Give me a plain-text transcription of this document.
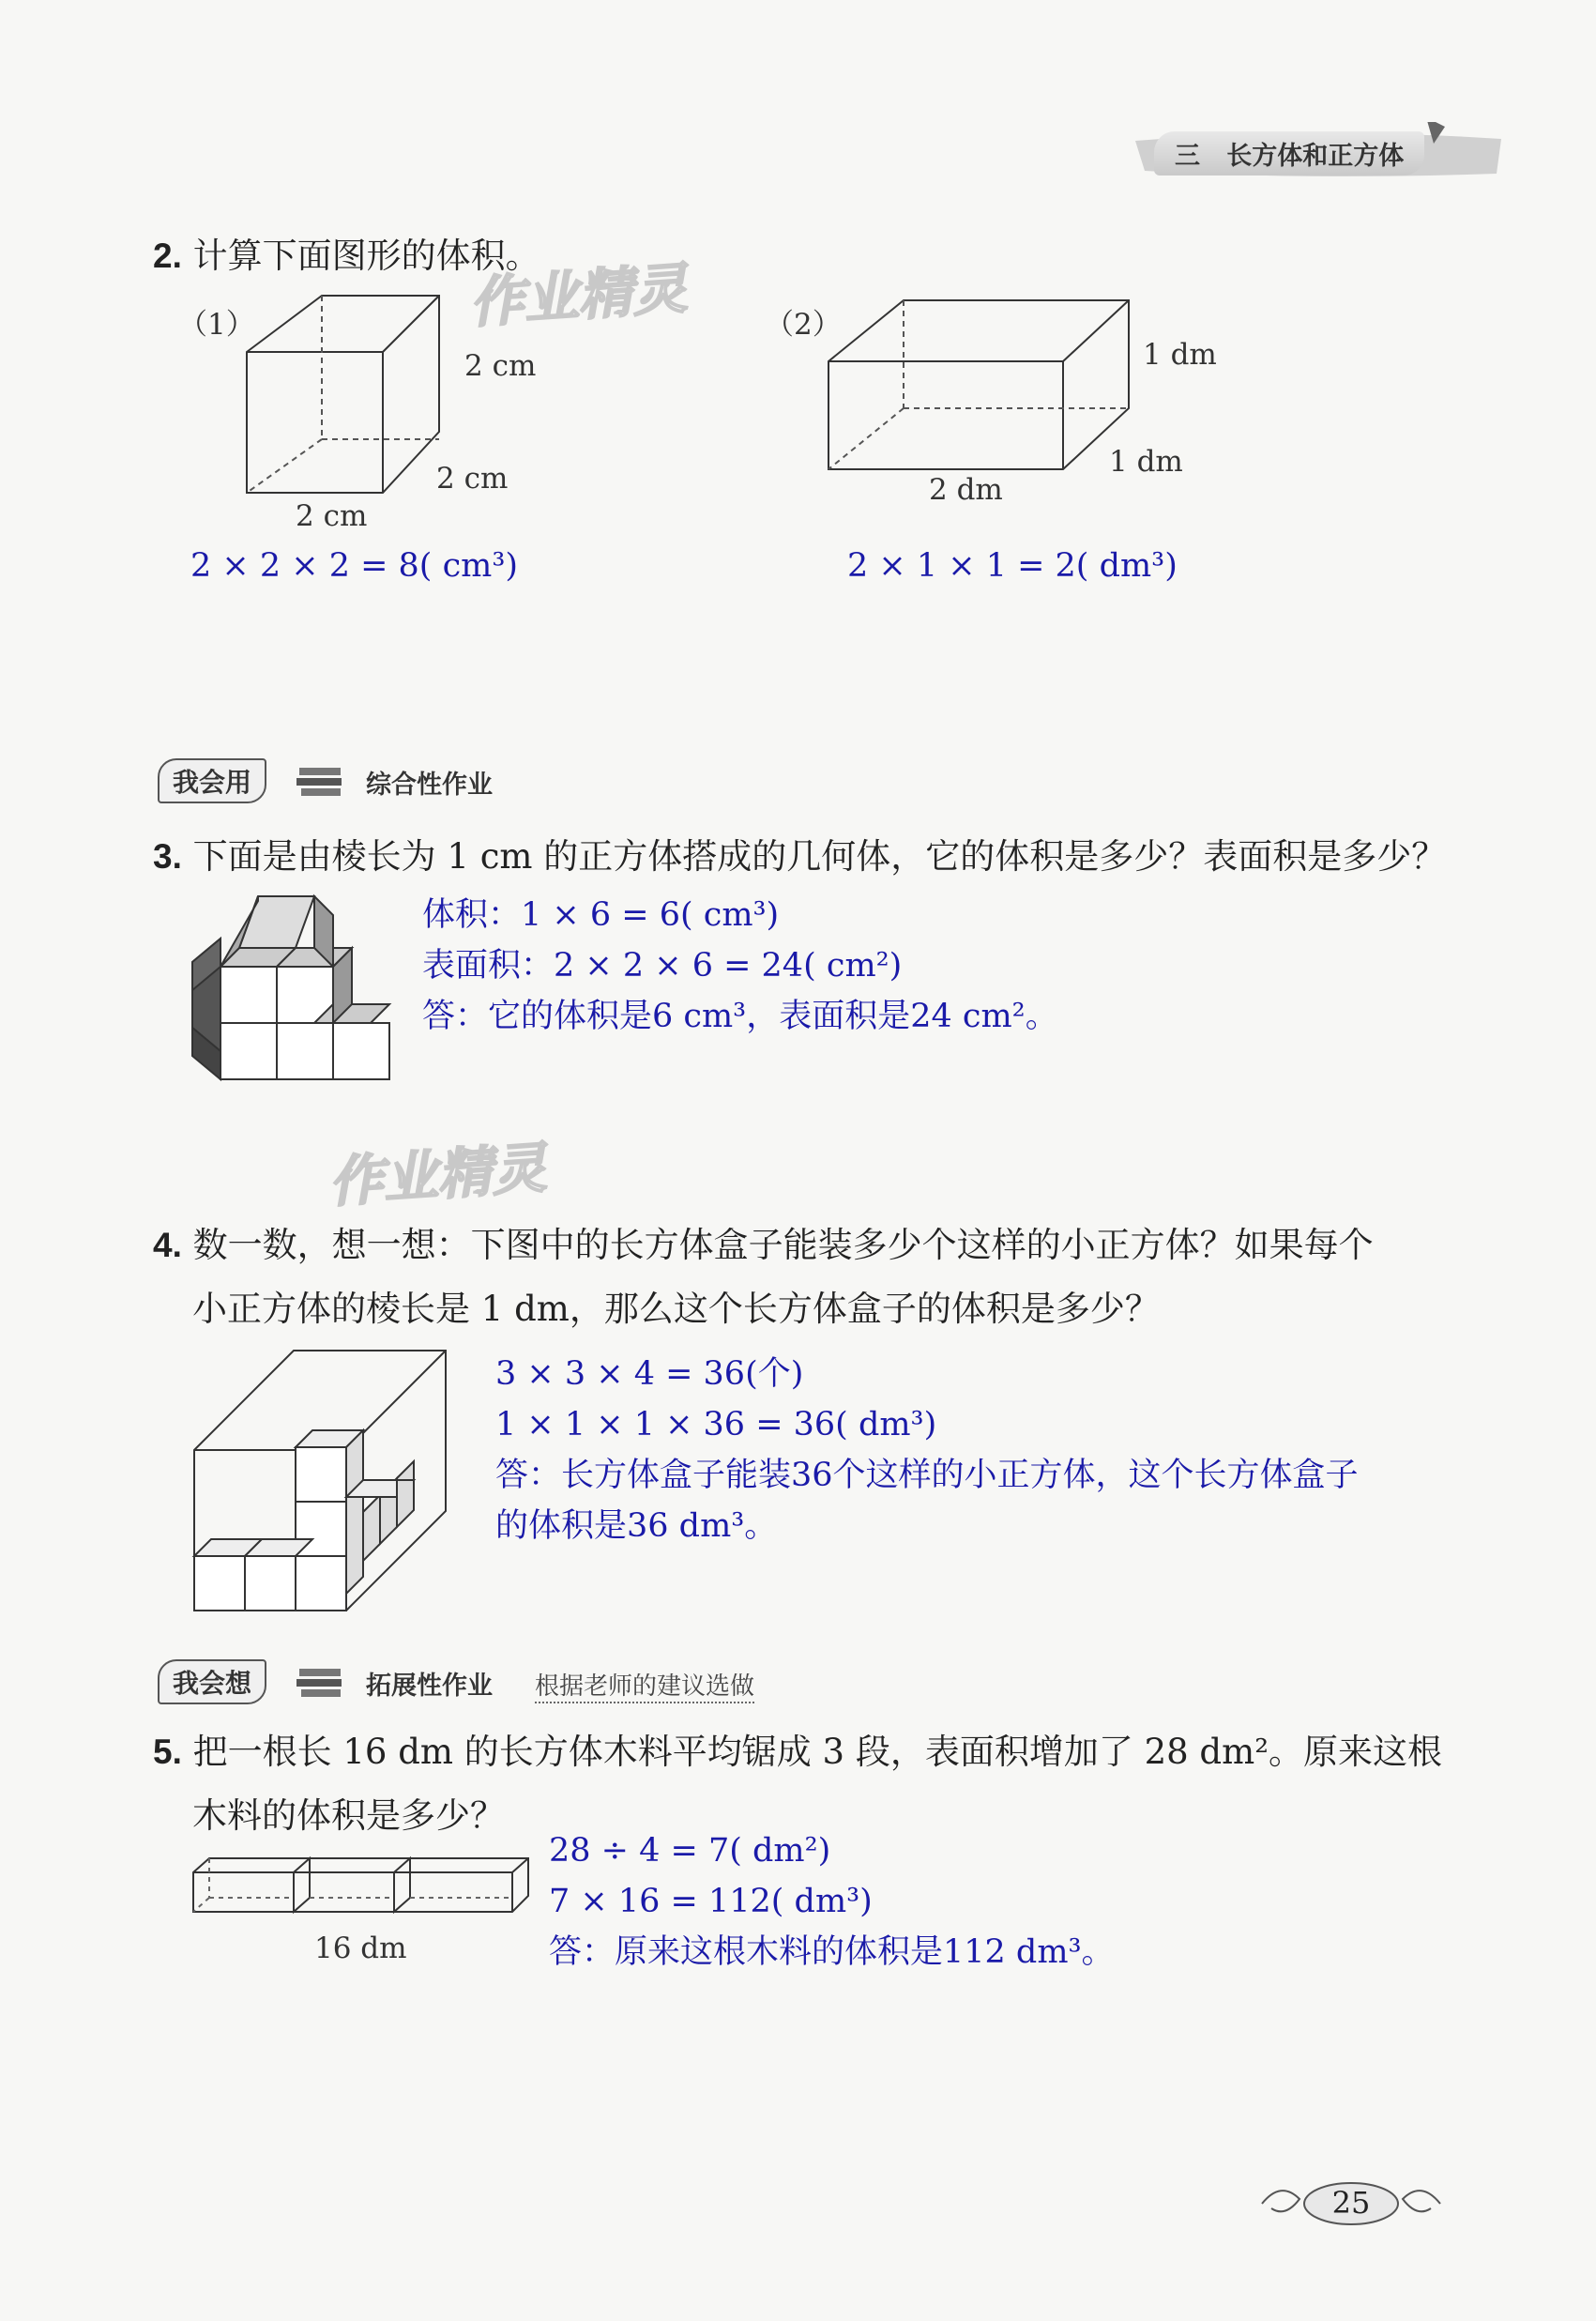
三 长方体和正方体
作业精灵
作业精灵
2. 计算下面图形的体积。
（1）
2 cm
2 cm
2 cm
2 × 2 × 2 = 8( cm³)
（2）
1 dm
1 dm
2 dm
2 × 1 × 1 = 2( dm³)
我会用	综合性作业
3. 下面是由棱长为 1 cm 的正方体搭成的几何体，它的体积是多少？表面积是多少？
体积：1 × 6 = 6( cm³)
表面积：2 × 2 × 6 = 24( cm²)
答：它的体积是6 cm³，表面积是24 cm²。
4. 数一数，想一想：下图中的长方体盒子能装多少个这样的小正方体？如果每个
小正方体的棱长是 1 dm，那么这个长方体盒子的体积是多少？
3 × 3 × 4 = 36(个)
1 × 1 × 1 × 36 = 36( dm³)
答：长方体盒子能装36个这样的小正方体，这个长方体盒子
的体积是36 dm³。
我会想	拓展性作业 根据老师的建议选做
5. 把一根长 16 dm 的长方体木料平均锯成 3 段，表面积增加了 28 dm²。原来这根
木料的体积是多少？
16 dm
28 ÷ 4 = 7( dm²)
7 × 16 = 112( dm³)
答：原来这根木料的体积是112 dm³。
25
